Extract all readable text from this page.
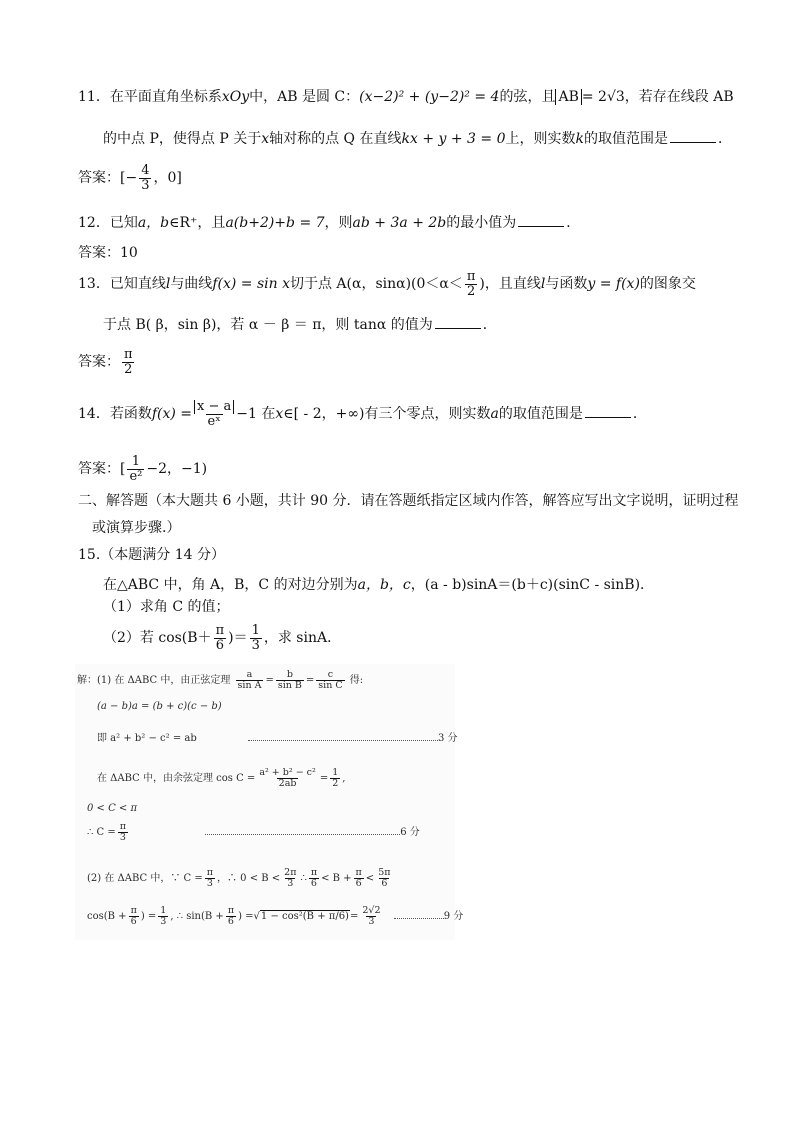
11．在平面直角坐标系xOy中，AB 是圆 C：(x−2)² + (y−2)² = 4的弦，且 AB = 2√3，若存在线段 AB
的中点 P，使得点 P 关于x轴对称的点 Q 在直线kx + y + 3 = 0上，则实数k的取值范围是	．
答案：[− $\frac{4}{3}$ ，0]
12．已知a，b∈R⁺，且a(b+2)+b = 7，则ab + 3a + 2b的最小值为	．
答案：10
13．已知直线l与曲线f(x) = sin x切于点 A(α，$\sin\alpha)(0<\alpha< \frac{\pi}{2}$ )，且直线l与函数y = f(x)的图象交
于点 B( β，sin β)，若 α － β ＝ π，则 tanα 的值为	．
答案： $\frac{\pi}{2}$
14．若函数$f(x) = \frac{x - a}{\text{eˣ}} -1$ 在x∈[ - 2，+∞)有三个零点，则实数a的取值范围是	．
答案：[ $\frac{1}{\text{e²}} -2$，−1)
二、解答题（本大题共 6 小题，共计 90 分．请在答题纸指定区域内作答，解答应写出文字说明，证明过程
或演算步骤.）
15.（本题满分 14 分）
在△ABC 中，角 A，B，C 的对边分别为a，b，c，(a - b)sinA＝(b＋c)(sinC - sinB)．
（1）求角 C 的值；
（2）若 $\cos(B+ \frac{\pi}{6}$ )＝ $\frac{1}{3}$ ，求 sinA．
解：(1) 在 ΔABC 中，由正弦定理 $\frac{a}{\text{sin A}} = \frac{b}{\text{sin B}} = \frac{c}{\text{sin C}}$ 得:
(a − b)a = (b + c)(c − b)
即 a² + b² − c² = ab	3 分
在 ΔABC 中，由余弦定理 $\cos C = \frac{\text{a² + b² − c²}}{2ab} = \frac{1}{2}$ ,
0 < C < π
∴ $C = \frac{\pi}{3}$	6 分
(2) 在 ΔABC 中，∵ $C = \frac{\pi}{3}$ ，∴ $0 < B < \frac{2\pi}{3}$ ∴ $\frac{\pi}{6} < B + \frac{\pi}{6} < \frac{5\pi}{6}$
$\cos(B + \frac{\pi}{6}$ ) = $\frac{1}{3}$ , ∴ $\sin(B + \frac{\pi}{6}$ ) $=√1 - \cos^2(B + \pi/6)= \frac{2√2}{3}$	9 分
